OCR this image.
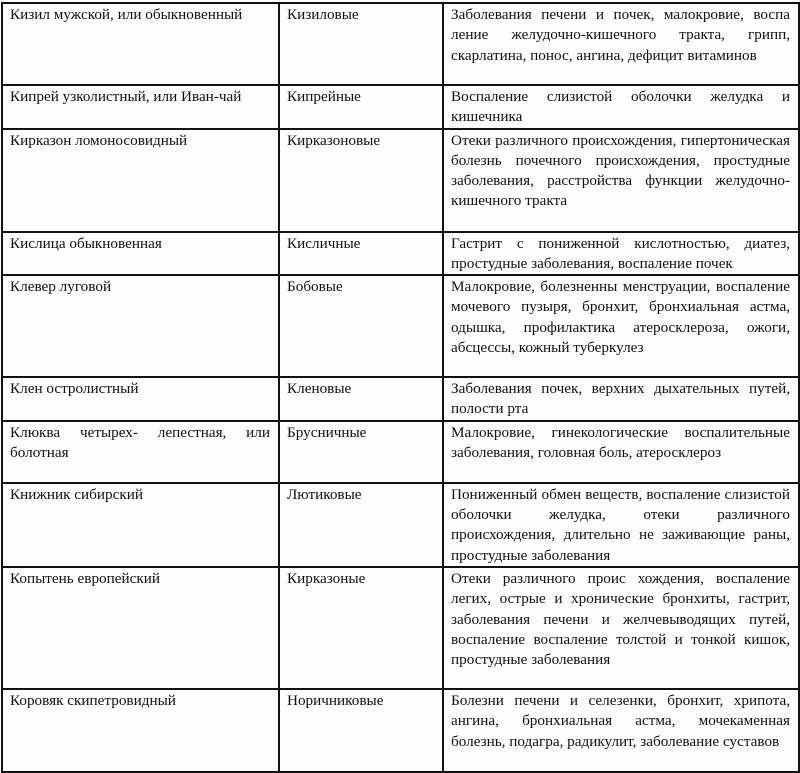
Кизил мужской, или обыкновенный	Кизиловые	Заболевания печени и почек, малокровие, воспа ление желудочно-кишечного тракта, грипп, скарлатина, понос, ангина, дефицит витаминов
Кипрей узколистный, или Иван-чай	Кипрейные	Воспаление слизистой оболочки желудка и кишечника
Кирказон ломоносовидный	Кирказоновые	Отеки различного происхождения, гипертоническая болезнь почечного происхождения, простудные заболевания, расстройства функции желудочно-кишечного тракта
Кислица обыкновенная	Кисличные	Гастрит с пониженной кислотностью, диатез, простудные заболевания, воспаление почек
Клевер луговой	Бобовые	Малокровие, болезненны менструации, воспаление мочевого пузыря, бронхит, бронхиальная астма, одышка, профилактика атеросклероза, ожоги, абсцессы, кожный туберкулез
Клен остролистный	Кленовые	Заболевания почек, верхних дыхательных путей, полости рта
Клюква четырех- лепестная, или болотная	Брусничные	Малокровие, гинекологические воспалительные заболевания, головная боль, атеросклероз
Книжник сибирский	Лютиковые	Пониженный обмен веществ, воспаление слизистой оболочки желудка, отеки различного происхождения, длительно не заживающие раны, простудные заболевания
Копытень европейский	Кирказоные	Отеки различного проис хождения, воспаление легих, острые и хронические бронхиты, гастрит, заболевания печени и желчевыводящих путей, воспаление воспаление толстой и тонкой кишок, простудные заболевания
Коровяк скипетровидный	Норичниковые	Болезни печени и селезенки, бронхит, хрипота, ангина, бронхиальная астма, мочекаменная болезнь, подагра, радикулит, заболевание суставов
